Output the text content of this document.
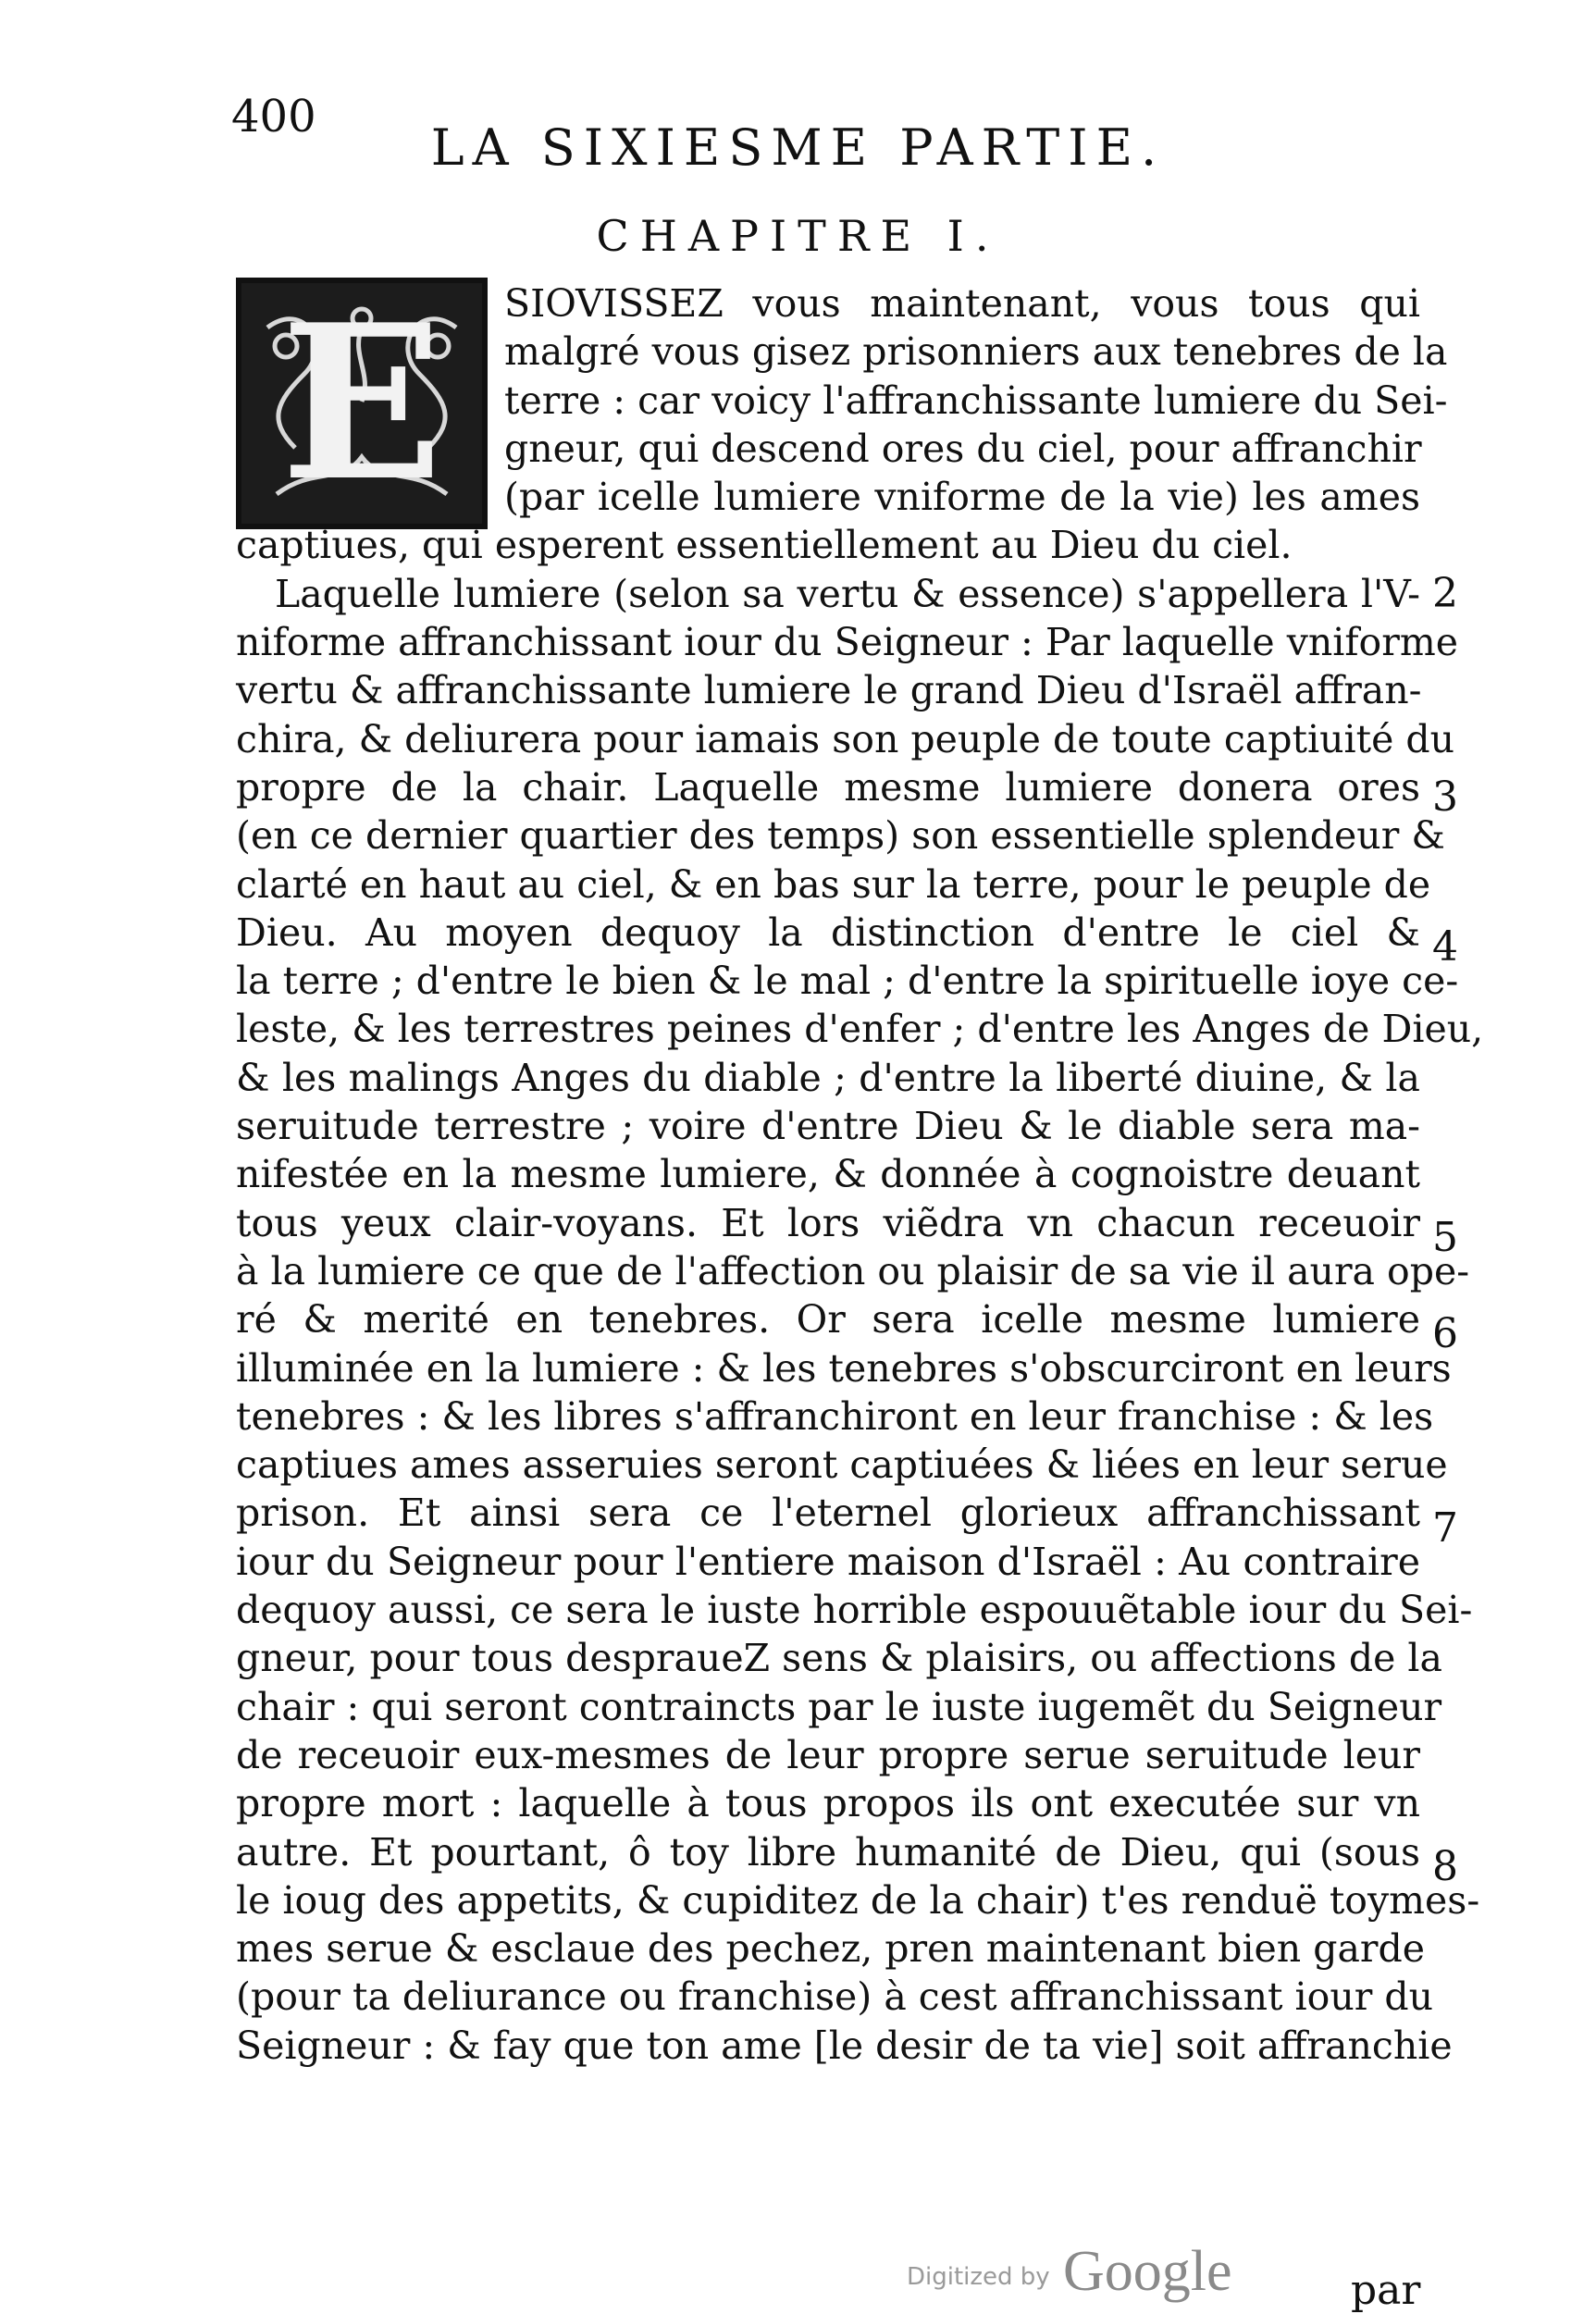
400
LA SIXIESME PARTIE.
CHAPITRE I.
E	SIOVISSEZ vous maintenant, vous tous qui
malgré vous gisez prisonniers aux tenebres de la
terre : car voicy l'affranchissante lumiere du Sei-
gneur, qui descend ores du ciel, pour affranchir
(par icelle lumiere vniforme de la vie) les ames
captiues, qui esperent essentiellement au Dieu du ciel.
Laquelle lumiere (selon sa vertu & essence) s'appellera l'V-
niforme affranchissant iour du Seigneur : Par laquelle vniforme
vertu & affranchissante lumiere le grand Dieu d'Israël affran-
chira, & deliurera pour iamais son peuple de toute captiuité du
propre de la chair. Laquelle mesme lumiere donera ores
(en ce dernier quartier des temps) son essentielle splendeur &
clarté en haut au ciel, & en bas sur la terre, pour le peuple de
Dieu. Au moyen dequoy la distinction d'entre le ciel &
la terre ; d'entre le bien & le mal ; d'entre la spirituelle ioye ce-
leste, & les terrestres peines d'enfer ; d'entre les Anges de Dieu,
& les malings Anges du diable ; d'entre la liberté diuine, & la
seruitude terrestre ; voire d'entre Dieu & le diable sera ma-
nifestée en la mesme lumiere, & donnée à cognoistre deuant
tous yeux clair-voyans. Et lors viẽdra vn chacun receuoir
à la lumiere ce que de l'affection ou plaisir de sa vie il aura ope-
ré & merité en tenebres. Or sera icelle mesme lumiere
illuminée en la lumiere : & les tenebres s'obscurciront en leurs
tenebres : & les libres s'affranchiront en leur franchise : & les
captiues ames asseruies seront captiuées & liées en leur serue
prison. Et ainsi sera ce l'eternel glorieux affranchissant
iour du Seigneur pour l'entiere maison d'Israël : Au contraire
dequoy aussi, ce sera le iuste horrible espouuẽtable iour du Sei-
gneur, pour tous despraueZ sens & plaisirs, ou affections de la
chair : qui seront contraincts par le iuste iugemẽt du Seigneur
de receuoir eux-mesmes de leur propre serue seruitude leur
propre mort : laquelle à tous propos ils ont executée sur vn
autre. Et pourtant, ô toy libre humanité de Dieu, qui (sous
le ioug des appetits, & cupiditez de la chair) t'es renduë toymes-
mes serue & esclaue des pechez, pren maintenant bien garde
(pour ta deliurance ou franchise) à cest affranchissant iour du
Seigneur : & fay que ton ame [le desir de ta vie] soit affranchie
2
3
4
5
6
7
8
par
Digitized by Google
